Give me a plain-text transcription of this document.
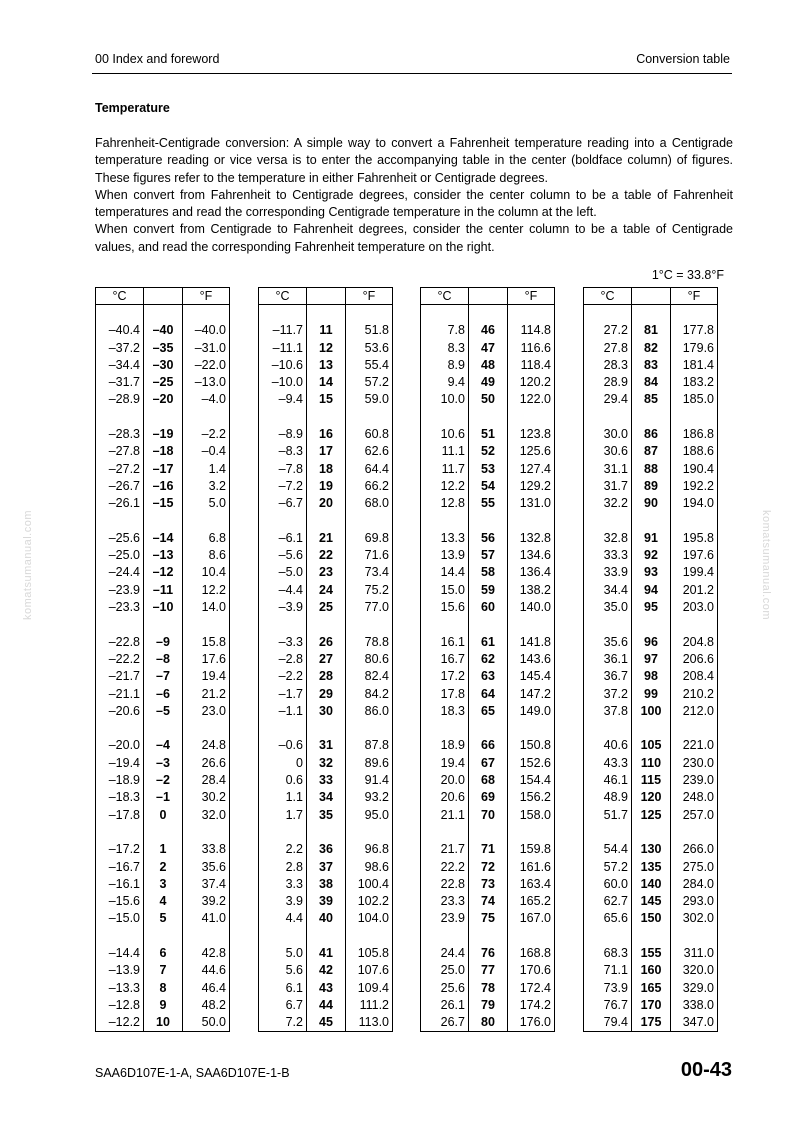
00 Index and foreword	Conversion table
Temperature

Fahrenheit-Centigrade conversion: A simple way to convert a Fahrenheit temperature reading into a Centigrade temperature reading or vice versa is to enter the accompanying table in the center (boldface column) of figures. These figures refer to the temperature in either Fahrenheit or Centigrade degrees.

When convert from Fahrenheit to Centigrade degrees, consider the center column to be a table of Fahrenheit temperatures and read the corresponding Centigrade temperature in the column at the left.

When convert from Centigrade to Fahrenheit degrees, consider the center column to be a table of Centigrade values, and read the corresponding Fahrenheit temperature on the right.

1°C = 33.8°F
°C		°F

–40.4	–40	–40.0
–37.2	–35	–31.0
–34.4	–30	–22.0
–31.7	–25	–13.0
–28.9	–20	–4.0

–28.3	–19	–2.2
–27.8	–18	–0.4
–27.2	–17	1.4
–26.7	–16	3.2
–26.1	–15	5.0

–25.6	–14	6.8
–25.0	–13	8.6
–24.4	–12	10.4
–23.9	–11	12.2
–23.3	–10	14.0

–22.8	–9	15.8
–22.2	–8	17.6
–21.7	–7	19.4
–21.1	–6	21.2
–20.6	–5	23.0

–20.0	–4	24.8
–19.4	–3	26.6
–18.9	–2	28.4
–18.3	–1	30.2
–17.8	0	32.0

–17.2	1	33.8
–16.7	2	35.6
–16.1	3	37.4
–15.6	4	39.2
–15.0	5	41.0

–14.4	6	42.8
–13.9	7	44.6
–13.3	8	46.4
–12.8	9	48.2
–12.2	10	50.0
°C		°F

–11.7	11	51.8
–11.1	12	53.6
–10.6	13	55.4
–10.0	14	57.2
–9.4	15	59.0

–8.9	16	60.8
–8.3	17	62.6
–7.8	18	64.4
–7.2	19	66.2
–6.7	20	68.0

–6.1	21	69.8
–5.6	22	71.6
–5.0	23	73.4
–4.4	24	75.2
–3.9	25	77.0

–3.3	26	78.8
–2.8	27	80.6
–2.2	28	82.4
–1.7	29	84.2
–1.1	30	86.0

–0.6	31	87.8
0	32	89.6
0.6	33	91.4
1.1	34	93.2
1.7	35	95.0

2.2	36	96.8
2.8	37	98.6
3.3	38	100.4
3.9	39	102.2
4.4	40	104.0

5.0	41	105.8
5.6	42	107.6
6.1	43	109.4
6.7	44	111.2
7.2	45	113.0
°C		°F

7.8	46	114.8
8.3	47	116.6
8.9	48	118.4
9.4	49	120.2
10.0	50	122.0

10.6	51	123.8
11.1	52	125.6
11.7	53	127.4
12.2	54	129.2
12.8	55	131.0

13.3	56	132.8
13.9	57	134.6
14.4	58	136.4
15.0	59	138.2
15.6	60	140.0

16.1	61	141.8
16.7	62	143.6
17.2	63	145.4
17.8	64	147.2
18.3	65	149.0

18.9	66	150.8
19.4	67	152.6
20.0	68	154.4
20.6	69	156.2
21.1	70	158.0

21.7	71	159.8
22.2	72	161.6
22.8	73	163.4
23.3	74	165.2
23.9	75	167.0

24.4	76	168.8
25.0	77	170.6
25.6	78	172.4
26.1	79	174.2
26.7	80	176.0
°C		°F

27.2	81	177.8
27.8	82	179.6
28.3	83	181.4
28.9	84	183.2
29.4	85	185.0

30.0	86	186.8
30.6	87	188.6
31.1	88	190.4
31.7	89	192.2
32.2	90	194.0

32.8	91	195.8
33.3	92	197.6
33.9	93	199.4
34.4	94	201.2
35.0	95	203.0

35.6	96	204.8
36.1	97	206.6
36.7	98	208.4
37.2	99	210.2
37.8	100	212.0

40.6	105	221.0
43.3	110	230.0
46.1	115	239.0
48.9	120	248.0
51.7	125	257.0

54.4	130	266.0
57.2	135	275.0
60.0	140	284.0
62.7	145	293.0
65.6	150	302.0

68.3	155	311.0
71.1	160	320.0
73.9	165	329.0
76.7	170	338.0
79.4	175	347.0
komatsumanual.com	komatsumanual.com
SAA6D107E-1-A, SAA6D107E-1-B	00-43
